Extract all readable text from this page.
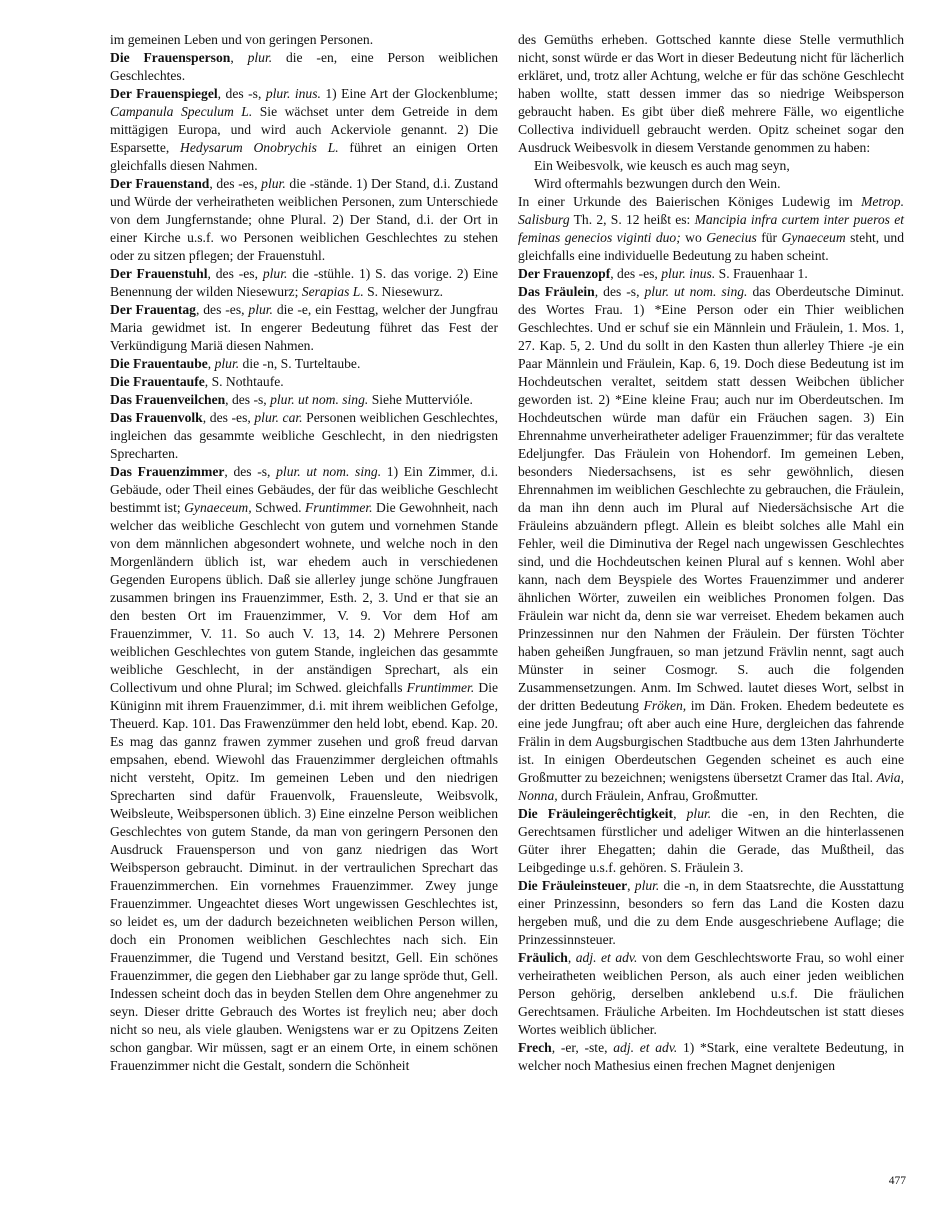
im gemeinen Leben und von geringen Personen.

Die Frauensperson, plur. die -en, eine Person weiblichen Geschlechtes.

Der Frauenspiegel, des -s, plur. inus. 1) Eine Art der Glockenblume; Campanula Speculum L. Sie wächset unter dem Getreide in dem mittägigen Europa, und wird auch Ackerviole genannt. 2) Die Esparsette, Hedysarum Onobrychis L. führet an einigen Orten gleichfalls diesen Nahmen.

Der Frauenstand, des -es, plur. die -stände. 1) Der Stand, d.i. Zustand und Würde der verheiratheten weiblichen Personen, zum Unterschiede von dem Jungfernstande; ohne Plural. 2) Der Stand, d.i. der Ort in einer Kirche u.s.f. wo Personen weiblichen Geschlechtes zu stehen oder zu sitzen pflegen; der Frauenstuhl.

Der Frauenstuhl, des -es, plur. die -stühle. 1) S. das vorige. 2) Eine Benennung der wilden Niesewurz; Serapias L. S. Niesewurz.

Der Frauentag, des -es, plur. die -e, ein Festtag, welcher der Jungfrau Maria gewidmet ist. In engerer Bedeutung führet das Fest der Verkündigung Mariä diesen Nahmen.

Die Frauentaube, plur. die -n, S. Turteltaube.

Die Frauentaufe, S. Nothtaufe.

Das Frauenveilchen, des -s, plur. ut nom. sing. Siehe Muttervióle.

Das Frauenvolk, des -es, plur. car. Personen weiblichen Geschlechtes, ingleichen das gesammte weibliche Geschlecht, in den niedrigsten Sprecharten.

Das Frauenzimmer, des -s, plur. ut nom. sing. 1) Ein Zimmer, d.i. Gebäude, oder Theil eines Gebäudes, der für das weibliche Geschlecht bestimmt ist; Gynaeceum, Schwed. Fruntimmer. Die Gewohnheit, nach welcher das weibliche Geschlecht von gutem und vornehmen Stande von dem männlichen abgesondert wohnete, und welche noch in den Morgenländern üblich ist, war ehedem auch in verschiedenen Gegenden Europens üblich. Daß sie allerley junge schöne Jungfrauen zusammen bringen ins Frauenzimmer, Esth. 2, 3. Und er that sie an den besten Ort im Frauenzimmer, V. 9. Vor dem Hof am Frauenzimmer, V. 11. So auch V. 13, 14. 2) Mehrere Personen weiblichen Geschlechtes von gutem Stande, ingleichen das gesammte weibliche Geschlecht, in der anständigen Sprechart, als ein Collectivum und ohne Plural; im Schwed. gleichfalls Fruntimmer. Die Küniginn mit ihrem Frauenzimmer, d.i. mit ihrem weiblichen Gefolge, Theuerd. Kap. 101. Das Frawenzümmer den held lobt, ebend. Kap. 20. Es mag das gannz frawen zymmer zusehen und groß freud darvan empsahen, ebend. Wiewohl das Frauenzimmer dergleichen oftmahls nicht versteht, Opitz. Im gemeinen Leben und den niedrigen Sprecharten sind dafür Frauenvolk, Frauensleute, Weibsvolk, Weibsleute, Weibspersonen üblich. 3) Eine einzelne Person weiblichen Geschlechtes von gutem Stande, da man von geringern Personen den Ausdruck Frauensperson und von ganz niedrigen das Wort Weibsperson gebraucht. Diminut. in der vertraulichen Sprechart das Frauenzimmerchen. Ein vornehmes Frauenzimmer. Zwey junge Frauenzimmer. Ungeachtet dieses Wort ungewissen Geschlechtes ist, so leidet es, um der dadurch bezeichneten weiblichen Person willen, doch ein Pronomen weiblichen Geschlechtes nach sich. Ein Frauenzimmer, die Tugend und Verstand besitzt, Gell. Ein schönes Frauenzimmer, die gegen den Liebhaber gar zu lange spröde thut, Gell. Indessen scheint doch das in beyden Stellen dem Ohre angenehmer zu seyn. Dieser dritte Gebrauch des Wortes ist freylich neu; aber doch nicht so neu, als viele glauben. Wenigstens war er zu Opitzens Zeiten schon gangbar. Wir müssen, sagt er an einem Orte, in einem schönen Frauenzimmer nicht die Gestalt, sondern die Schönheit

des Gemüths erheben. Gottsched kannte diese Stelle vermuthlich nicht, sonst würde er das Wort in dieser Bedeutung nicht für lächerlich erkläret, und, trotz aller Achtung, welche er für das schöne Geschlecht haben wollte, statt dessen immer das so niedrige Weibsperson gebraucht haben. Es gibt über dieß mehrere Fälle, wo eigentliche Collectiva individuell gebraucht werden. Opitz scheinet sogar den Ausdruck Weibesvolk in diesem Verstande genommen zu haben:

Ein Weibesvolk, wie keusch es auch mag seyn,

Wird oftermahls bezwungen durch den Wein.

In einer Urkunde des Baierischen Königes Ludewig im Metrop. Salisburg Th. 2, S. 12 heißt es: Mancipia infra curtem inter pueros et feminas genecios viginti duo; wo Genecius für Gynaeceum steht, und gleichfalls eine individuelle Bedeutung zu haben scheint.

Der Frauenzopf, des -es, plur. inus. S. Frauenhaar 1.

Das Fräulein, des -s, plur. ut nom. sing. das Oberdeutsche Diminut. des Wortes Frau. 1) *Eine Person oder ein Thier weiblichen Geschlechtes. Und er schuf sie ein Männlein und Fräulein, 1. Mos. 1, 27. Kap. 5, 2. Und du sollt in den Kasten thun allerley Thiere -je ein Paar Männlein und Fräulein, Kap. 6, 19. Doch diese Bedeutung ist im Hochdeutschen veraltet, seitdem statt dessen Weibchen üblicher geworden ist. 2) *Eine kleine Frau; auch nur im Oberdeutschen. Im Hochdeutschen würde man dafür ein Fräuchen sagen. 3) Ein Ehrennahme unverheiratheter adeliger Frauenzimmer; für das veraltete Edeljungfer. Das Fräulein von Hohendorf. Im gemeinen Leben, besonders Niedersachsens, ist es sehr gewöhnlich, diesen Ehrennahmen im weiblichen Geschlechte zu gebrauchen, die Fräulein, da man ihn denn auch im Plural auf Niedersächsische Art die Fräuleins abzuändern pflegt. Allein es bleibt solches alle Mahl ein Fehler, weil die Diminutiva der Regel nach ungewissen Geschlechtes sind, und die Hochdeutschen keinen Plural auf s kennen. Wohl aber kann, nach dem Beyspiele des Wortes Frauenzimmer und anderer ähnlichen Wörter, zuweilen ein weibliches Pronomen folgen. Das Fräulein war nicht da, denn sie war verreiset. Ehedem bekamen auch Prinzessinnen nur den Nahmen der Fräulein. Der fürsten Töchter haben geheißen Jungfrauen, so man jetzund Frävlin nennt, sagt auch Münster in seiner Cosmogr. S. auch die folgenden Zusammensetzungen. Anm. Im Schwed. lautet dieses Wort, selbst in der dritten Bedeutung Fröken, im Dän. Froken. Ehedem bedeutete es eine jede Jungfrau; oft aber auch eine Hure, dergleichen das fahrende Frälin in dem Augsburgischen Stadtbuche aus dem 13ten Jahrhunderte ist. In einigen Oberdeutschen Gegenden scheinet es auch eine Großmutter zu bezeichnen; wenigstens übersetzt Cramer das Ital. Avia, Nonna, durch Fräulein, Anfrau, Großmutter.

Die Fräuleingerêchtigkeit, plur. die -en, in den Rechten, die Gerechtsamen fürstlicher und adeliger Witwen an die hinterlassenen Güter ihrer Ehegatten; dahin die Gerade, das Mußtheil, das Leibgedinge u.s.f. gehören. S. Fräulein 3.

Die Fräuleinsteuer, plur. die -n, in dem Staatsrechte, die Ausstattung einer Prinzessinn, besonders so fern das Land die Kosten dazu hergeben muß, und die zu dem Ende ausgeschriebene Auflage; die Prinzessinnsteuer.

Fräulich, adj. et adv. von dem Geschlechtsworte Frau, so wohl einer verheiratheten weiblichen Person, als auch einer jeden weiblichen Person gehörig, derselben anklebend u.s.f. Die fräulichen Gerechtsamen. Fräuliche Arbeiten. Im Hochdeutschen ist statt dieses Wortes weiblich üblicher.

Frech, -er, -ste, adj. et adv. 1) *Stark, eine veraltete Bedeutung, in welcher noch Mathesius einen frechen Magnet denjenigen

477
